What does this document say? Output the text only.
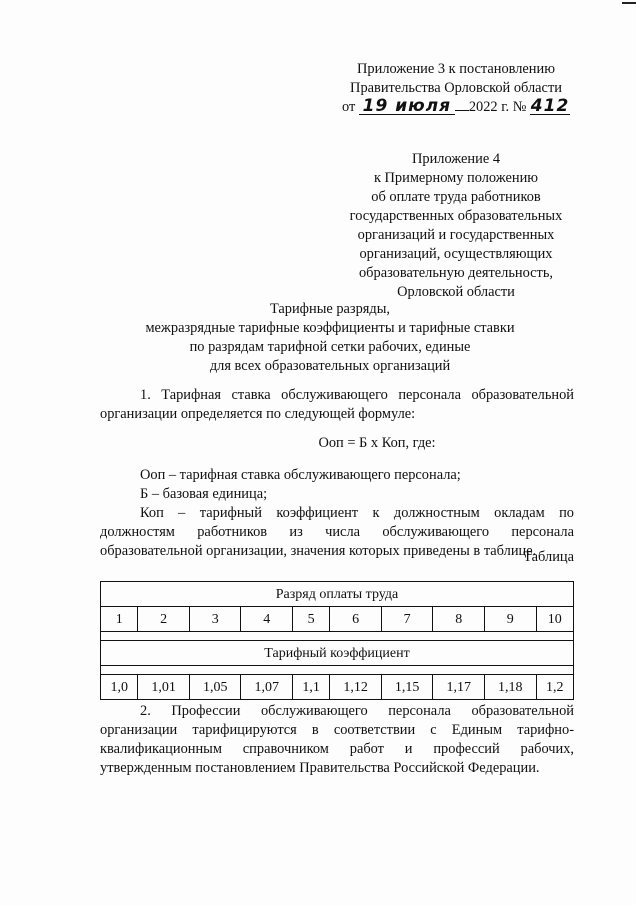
Приложение 3 к постановлению
Правительства Орловской области
от 19 июля 2022 г. № 412
Приложение 4
к Примерному положению
об оплате труда работников
государственных образовательных
организаций и государственных
организаций, осуществляющих
образовательную деятельность,
Орловской области
Тарифные разряды,
межразрядные тарифные коэффициенты и тарифные ставки
по разрядам тарифной сетки рабочих, единые
для всех образовательных организаций
1. Тарифная ставка обслуживающего персонала образовательной организации определяется по следующей формуле:
Ооп = Б х Коп, где:
Ооп – тарифная ставка обслуживающего персонала;
Б – базовая единица;
Коп – тарифный коэффициент к должностным окладам по должностям работников из числа обслуживающего персонала образовательной организации, значения которых приведены в таблице.
Таблица
Разряд оплаты труда									
1	2	3	4	5	6	7	8	9	10

Тарифный коэффициент									

1,0	1,01	1,05	1,07	1,1	1,12	1,15	1,17	1,18	1,2
2. Профессии обслуживающего персонала образовательной организации тарифицируются в соответствии с Единым тарифно-квалификационным справочником работ и профессий рабочих, утвержденным постановлением Правительства Российской Федерации.
